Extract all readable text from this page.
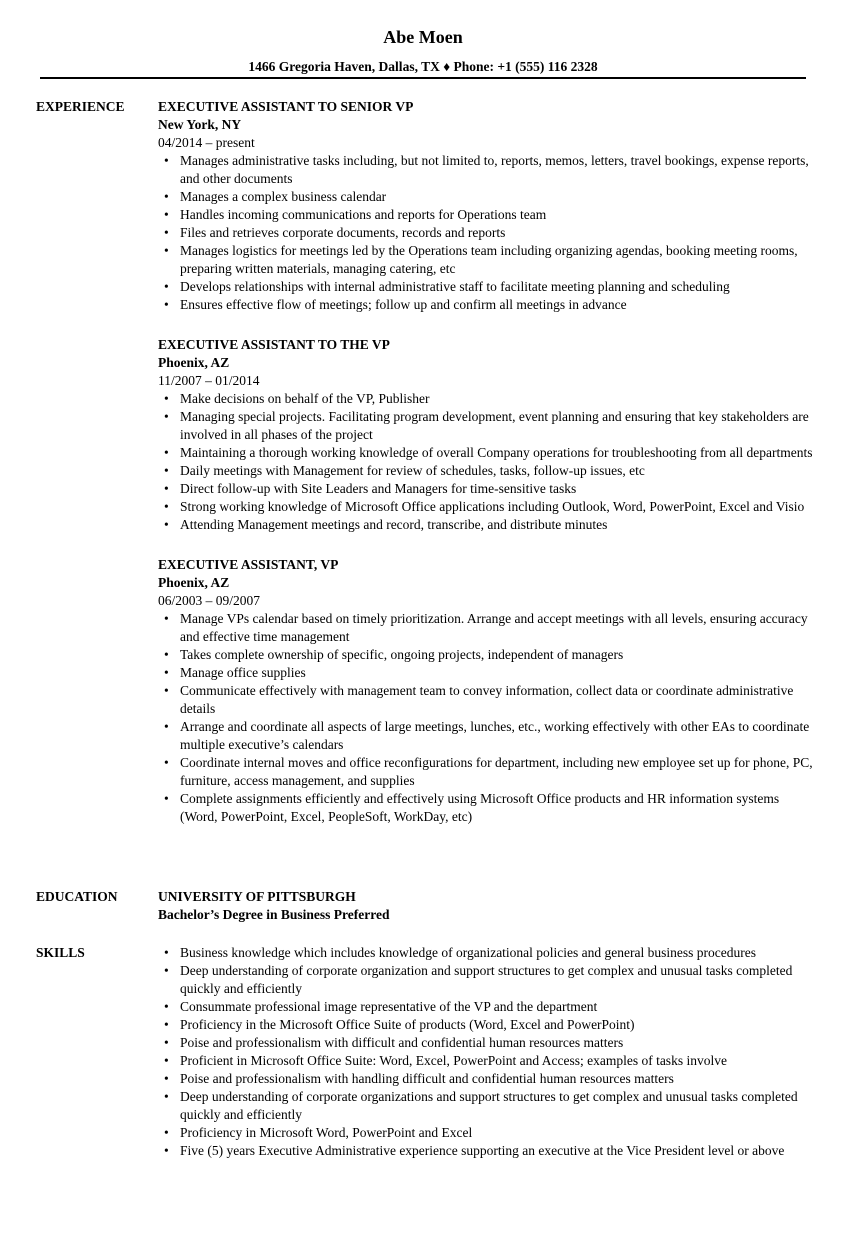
Abe Moen
1466 Gregoria Haven, Dallas, TX ♦ Phone: +1 (555) 116 2328
EXPERIENCE EXECUTIVE ASSISTANT TO SENIOR VP
New York, NY
04/2014 – present
• Manages administrative tasks including, but not limited to, reports, memos, letters, travel bookings, expense reports, and other documents
• Manages a complex business calendar
• Handles incoming communications and reports for Operations team
• Files and retrieves corporate documents, records and reports
• Manages logistics for meetings led by the Operations team including organizing agendas, booking meeting rooms, preparing written materials, managing catering, etc
• Develops relationships with internal administrative staff to facilitate meeting planning and scheduling
• Ensures effective flow of meetings; follow up and confirm all meetings in advance
EXECUTIVE ASSISTANT TO THE VP
Phoenix, AZ
11/2007 – 01/2014
• Make decisions on behalf of the VP, Publisher
• Managing special projects. Facilitating program development, event planning and ensuring that key stakeholders are involved in all phases of the project
• Maintaining a thorough working knowledge of overall Company operations for troubleshooting from all departments
• Daily meetings with Management for review of schedules, tasks, follow-up issues, etc
• Direct follow-up with Site Leaders and Managers for time-sensitive tasks
• Strong working knowledge of Microsoft Office applications including Outlook, Word, PowerPoint, Excel and Visio
• Attending Management meetings and record, transcribe, and distribute minutes
EXECUTIVE ASSISTANT, VP
Phoenix, AZ
06/2003 – 09/2007
• Manage VPs calendar based on timely prioritization. Arrange and accept meetings with all levels, ensuring accuracy and effective time management
• Takes complete ownership of specific, ongoing projects, independent of managers
• Manage office supplies
• Communicate effectively with management team to convey information, collect data or coordinate administrative details
• Arrange and coordinate all aspects of large meetings, lunches, etc., working effectively with other EAs to coordinate multiple executive’s calendars
• Coordinate internal moves and office reconfigurations for department, including new employee set up for phone, PC, furniture, access management, and supplies
• Complete assignments efficiently and effectively using Microsoft Office products and HR information systems (Word, PowerPoint, Excel, PeopleSoft, WorkDay, etc)
EDUCATION	UNIVERSITY OF PITTSBURGH
Bachelor’s Degree in Business Preferred
SKILLS
•	Business knowledge which includes knowledge of organizational policies and general business procedures
• Deep understanding of corporate organization and support structures to get complex and unusual tasks completed quickly and efficiently
• Consummate professional image representative of the VP and the department
• Proficiency in the Microsoft Office Suite of products (Word, Excel and PowerPoint)
• Poise and professionalism with difficult and confidential human resources matters
• Proficient in Microsoft Office Suite: Word, Excel, PowerPoint and Access; examples of tasks involve
• Poise and professionalism with handling difficult and confidential human resources matters
• Deep understanding of corporate organizations and support structures to get complex and unusual tasks completed quickly and efficiently
• Proficiency in Microsoft Word, PowerPoint and Excel
• Five (5) years Executive Administrative experience supporting an executive at the Vice President level or above
